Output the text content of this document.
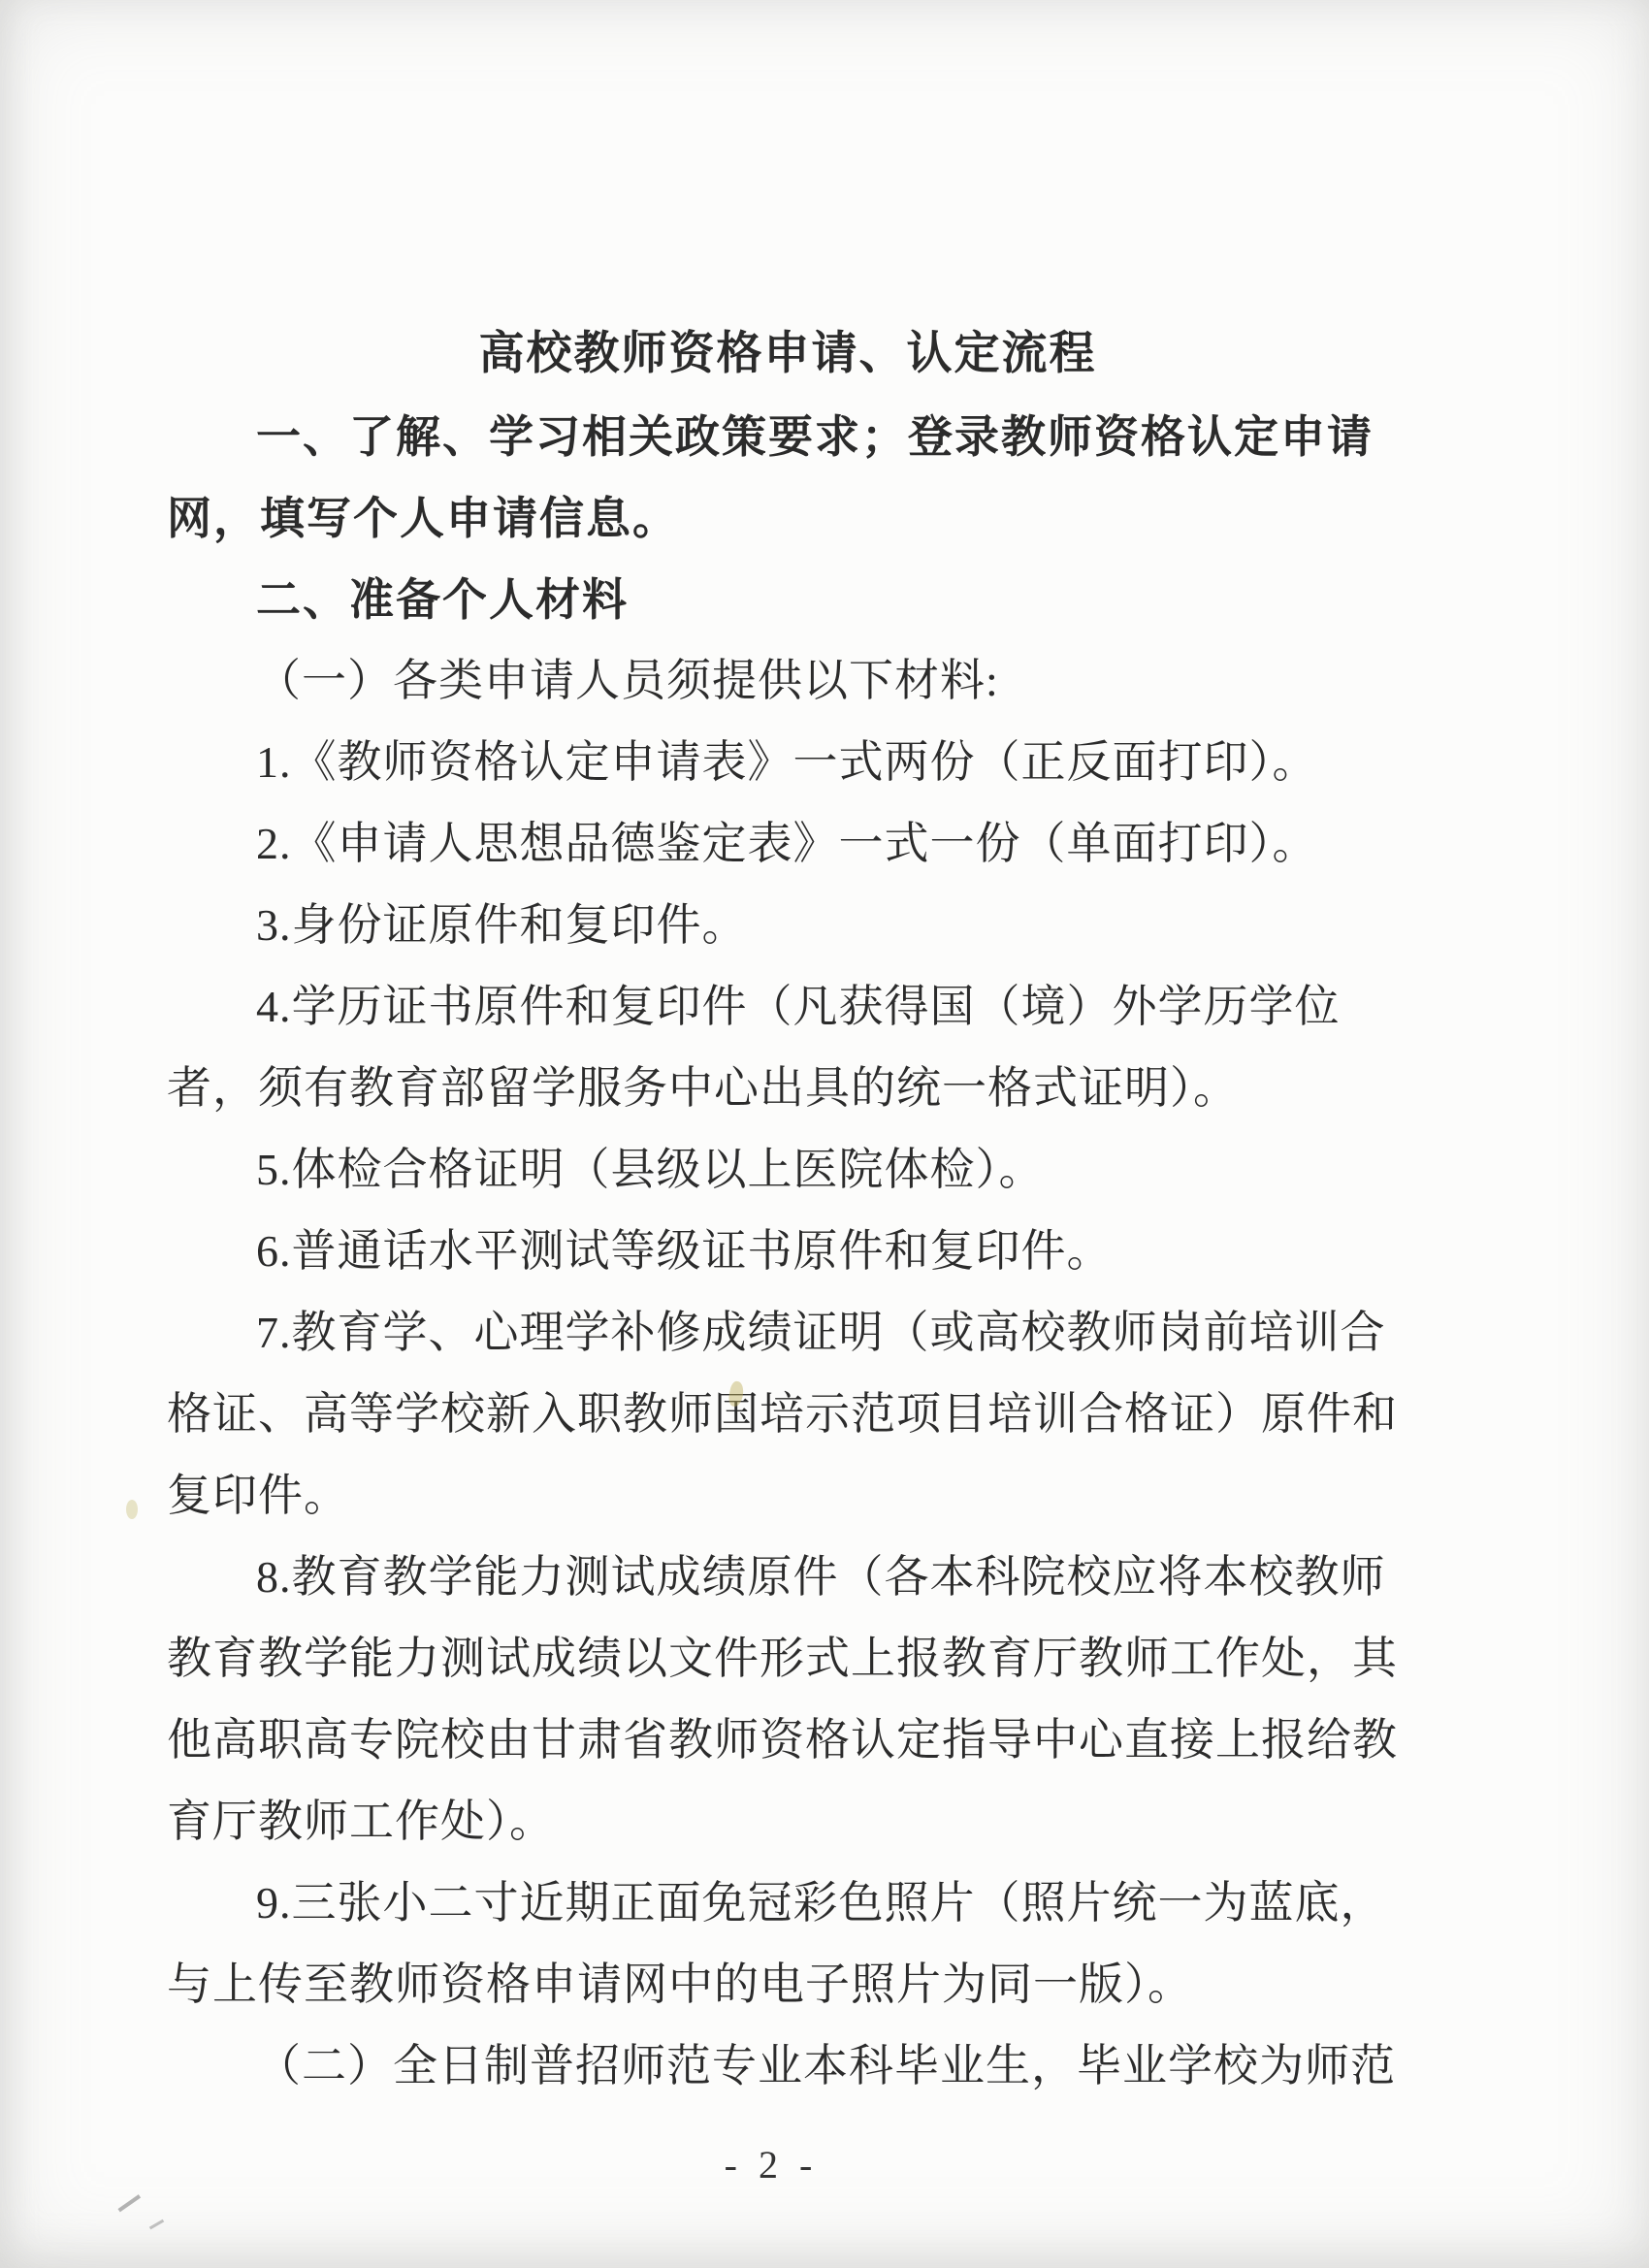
高校教师资格申请、认定流程

一、了解、学习相关政策要求；登录教师资格认定申请网，填写个人申请信息。

二、准备个人材料

（一）各类申请人员须提供以下材料:

1.《教师资格认定申请表》一式两份（正反面打印）。

2.《申请人思想品德鉴定表》一式一份（单面打印）。

3.身份证原件和复印件。

4.学历证书原件和复印件（凡获得国（境）外学历学位者，须有教育部留学服务中心出具的统一格式证明）。

5.体检合格证明（县级以上医院体检）。

6.普通话水平测试等级证书原件和复印件。

7.教育学、心理学补修成绩证明（或高校教师岗前培训合格证、高等学校新入职教师国培示范项目培训合格证）原件和复印件。

8.教育教学能力测试成绩原件（各本科院校应将本校教师教育教学能力测试成绩以文件形式上报教育厅教师工作处，其他高职高专院校由甘肃省教师资格认定指导中心直接上报给教育厅教师工作处）。

9.三张小二寸近期正面免冠彩色照片（照片统一为蓝底，与上传至教师资格申请网中的电子照片为同一版）。

（二）全日制普招师范专业本科毕业生，毕业学校为师范

- 2 -
